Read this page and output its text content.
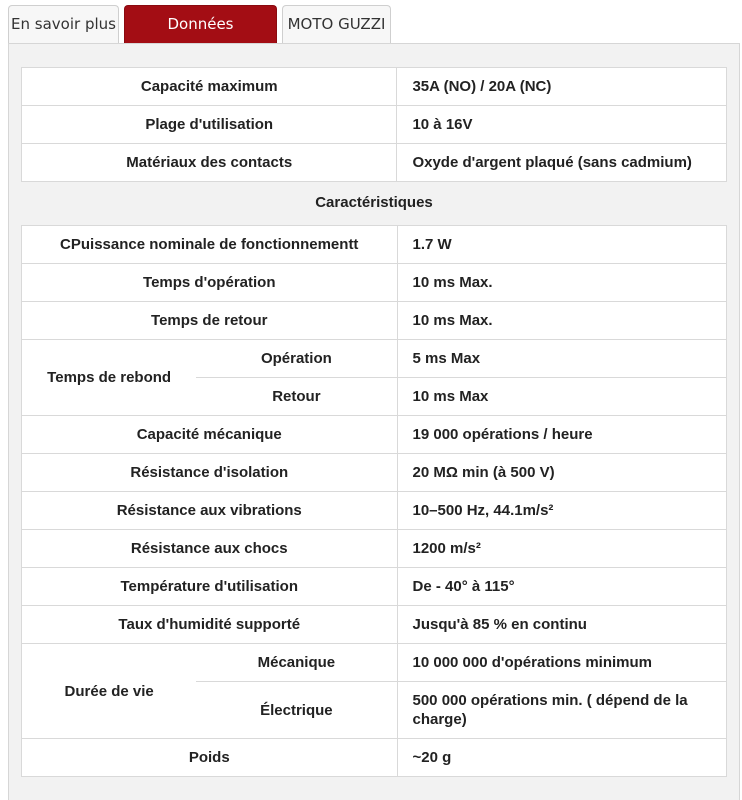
En savoir plus	Données	MOTO GUZZI
Capacité maximum	35A (NO) / 20A (NC)
Plage d'utilisation	10 à 16V
Matériaux des contacts	Oxyde d'argent plaqué (sans cadmium)
Caractéristiques
CPuissance nominale de fonctionnementt		1.7 W
Temps d'opération		10 ms Max.
Temps de retour		10 ms Max.
Temps de rebond	Opération	5 ms Max
	Retour	10 ms Max
Capacité mécanique		19 000 opérations / heure
Résistance d'isolation		20 MΩ min (à 500 V)
Résistance aux vibrations		10–500 Hz, 44.1m/s²
Résistance aux chocs		1200 m/s²
Température d'utilisation		De - 40° à 115°
Taux d'humidité supporté		Jusqu'à 85 % en continu
Durée de vie	Mécanique	10 000 000 d'opérations minimum
	Électrique	500 000 opérations min. ( dépend de la charge)
Poids		~20 g
